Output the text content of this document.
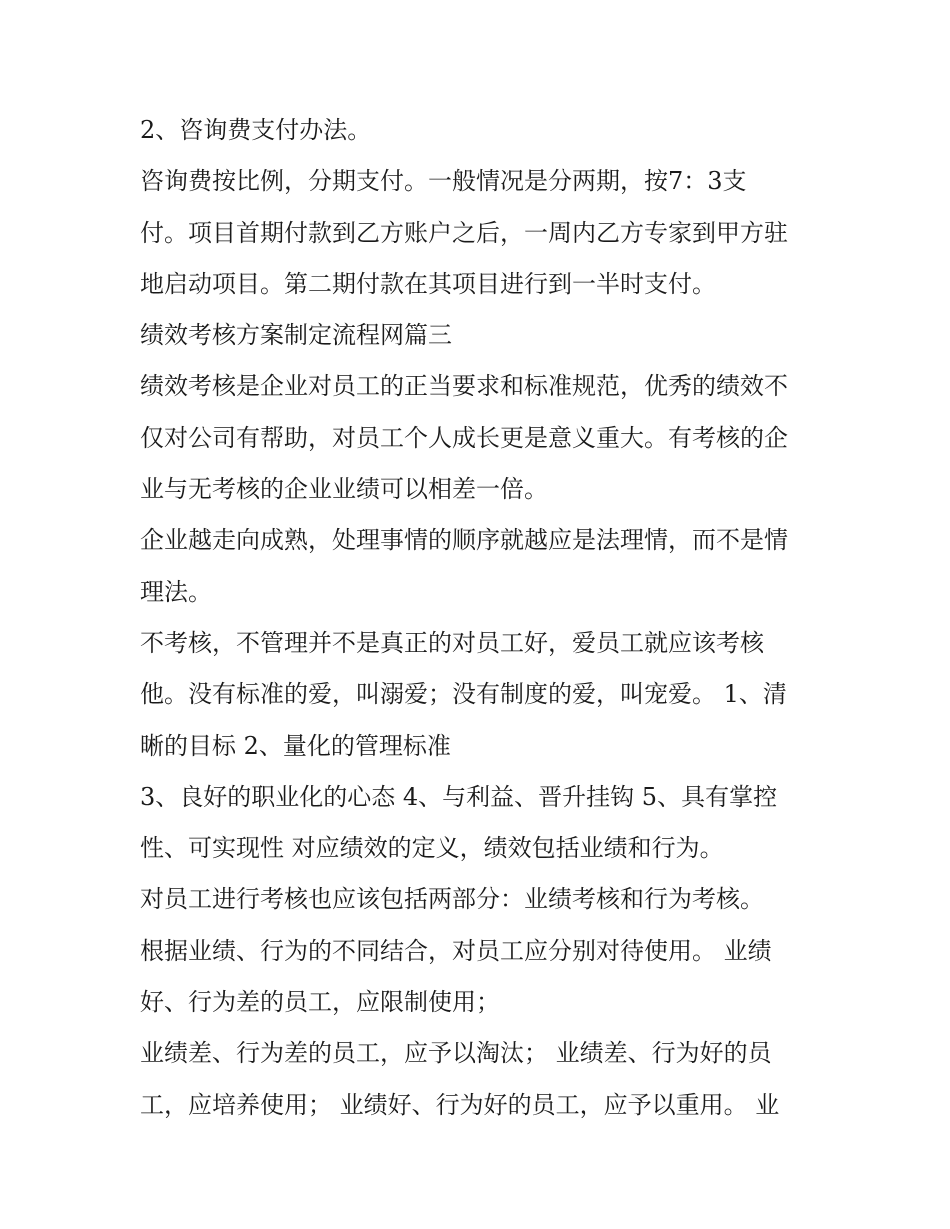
2、咨询费支付办法。
咨询费按比例，分期支付。一般情况是分两期，按7：3支
付。项目首期付款到乙方账户之后，一周内乙方专家到甲方驻
地启动项目。第二期付款在其项目进行到一半时支付。
绩效考核方案制定流程网篇三
绩效考核是企业对员工的正当要求和标准规范，优秀的绩效不
仅对公司有帮助，对员工个人成长更是意义重大。有考核的企
业与无考核的企业业绩可以相差一倍。
企业越走向成熟，处理事情的顺序就越应是法理情，而不是情
理法。
不考核，不管理并不是真正的对员工好，爱员工就应该考核
他。没有标准的爱，叫溺爱；没有制度的爱，叫宠爱。 1、清
晰的目标 2、量化的管理标准
3、良好的职业化的心态 4、与利益、晋升挂钩 5、具有掌控
性、可实现性 对应绩效的定义，绩效包括业绩和行为。
对员工进行考核也应该包括两部分：业绩考核和行为考核。
根据业绩、行为的不同结合，对员工应分别对待使用。 业绩
好、行为差的员工，应限制使用；
业绩差、行为差的员工，应予以淘汰； 业绩差、行为好的员
工，应培养使用； 业绩好、行为好的员工，应予以重用。 业
